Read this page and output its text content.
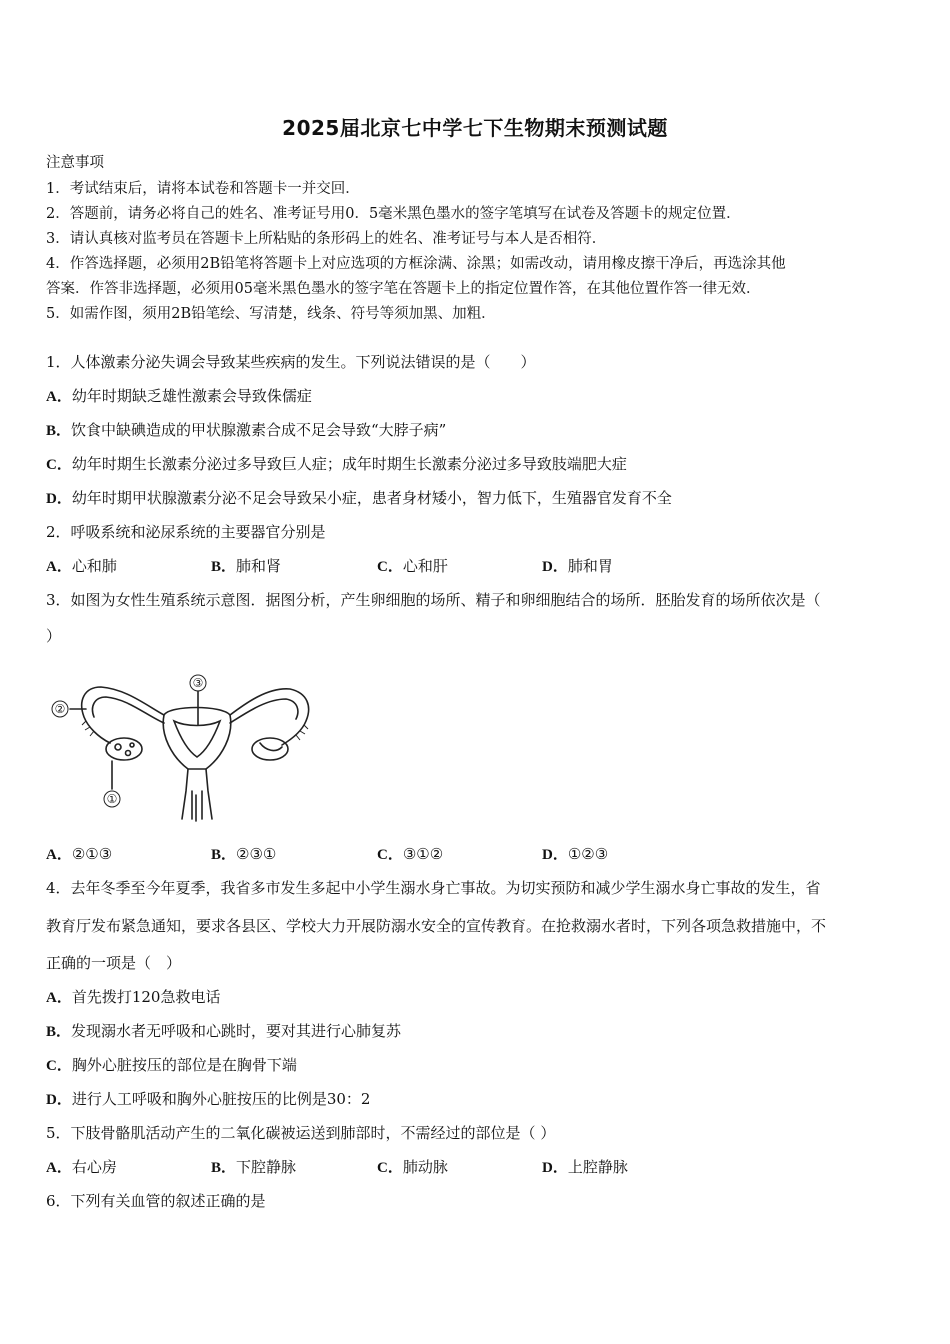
2025届北京七中学七下生物期末预测试题
注意事项
1．考试结束后，请将本试卷和答题卡一并交回．
2．答题前，请务必将自己的姓名、准考证号用0．5毫米黑色墨水的签字笔填写在试卷及答题卡的规定位置．
3．请认真核对监考员在答题卡上所粘贴的条形码上的姓名、准考证号与本人是否相符．
4．作答选择题，必须用2B铅笔将答题卡上对应选项的方框涂满、涂黑；如需改动，请用橡皮擦干净后，再选涂其他
答案．作答非选择题，必须用05毫米黑色墨水的签字笔在答题卡上的指定位置作答，在其他位置作答一律无效．
5．如需作图，须用2B铅笔绘、写清楚，线条、符号等须加黑、加粗．
1．人体激素分泌失调会导致某些疾病的发生。下列说法错误的是（　　）
A．幼年时期缺乏雄性激素会导致侏儒症
B．饮食中缺碘造成的甲状腺激素合成不足会导致“大脖子病”
C．幼年时期生长激素分泌过多导致巨人症；成年时期生长激素分泌过多导致肢端肥大症
D．幼年时期甲状腺激素分泌不足会导致呆小症，患者身材矮小，智力低下，生殖器官发育不全
2．呼吸系统和泌尿系统的主要器官分别是
A．心和肺	B．肺和肾	C．心和肝	D．肺和胃
3．如图为女性生殖系统示意图．据图分析，产生卵细胞的场所、精子和卵细胞结合的场所．胚胎发育的场所依次是（
）
③
②
①
A．②①③	B．②③①	C．③①②	D．①②③
4．去年冬季至今年夏季，我省多市发生多起中小学生溺水身亡事故。为切实预防和减少学生溺水身亡事故的发生，省
教育厅发布紧急通知，要求各县区、学校大力开展防溺水安全的宣传教育。在抢救溺水者时，下列各项急救措施中，不
正确的一项是（　）
A．首先拨打120急救电话
B．发现溺水者无呼吸和心跳时，要对其进行心肺复苏
C．胸外心脏按压的部位是在胸骨下端
D．进行人工呼吸和胸外心脏按压的比例是30：2
5．下肢骨骼肌活动产生的二氧化碳被运送到肺部时，不需经过的部位是（ ）
A．右心房	B．下腔静脉	C．肺动脉	D．上腔静脉
6．下列有关血管的叙述正确的是
